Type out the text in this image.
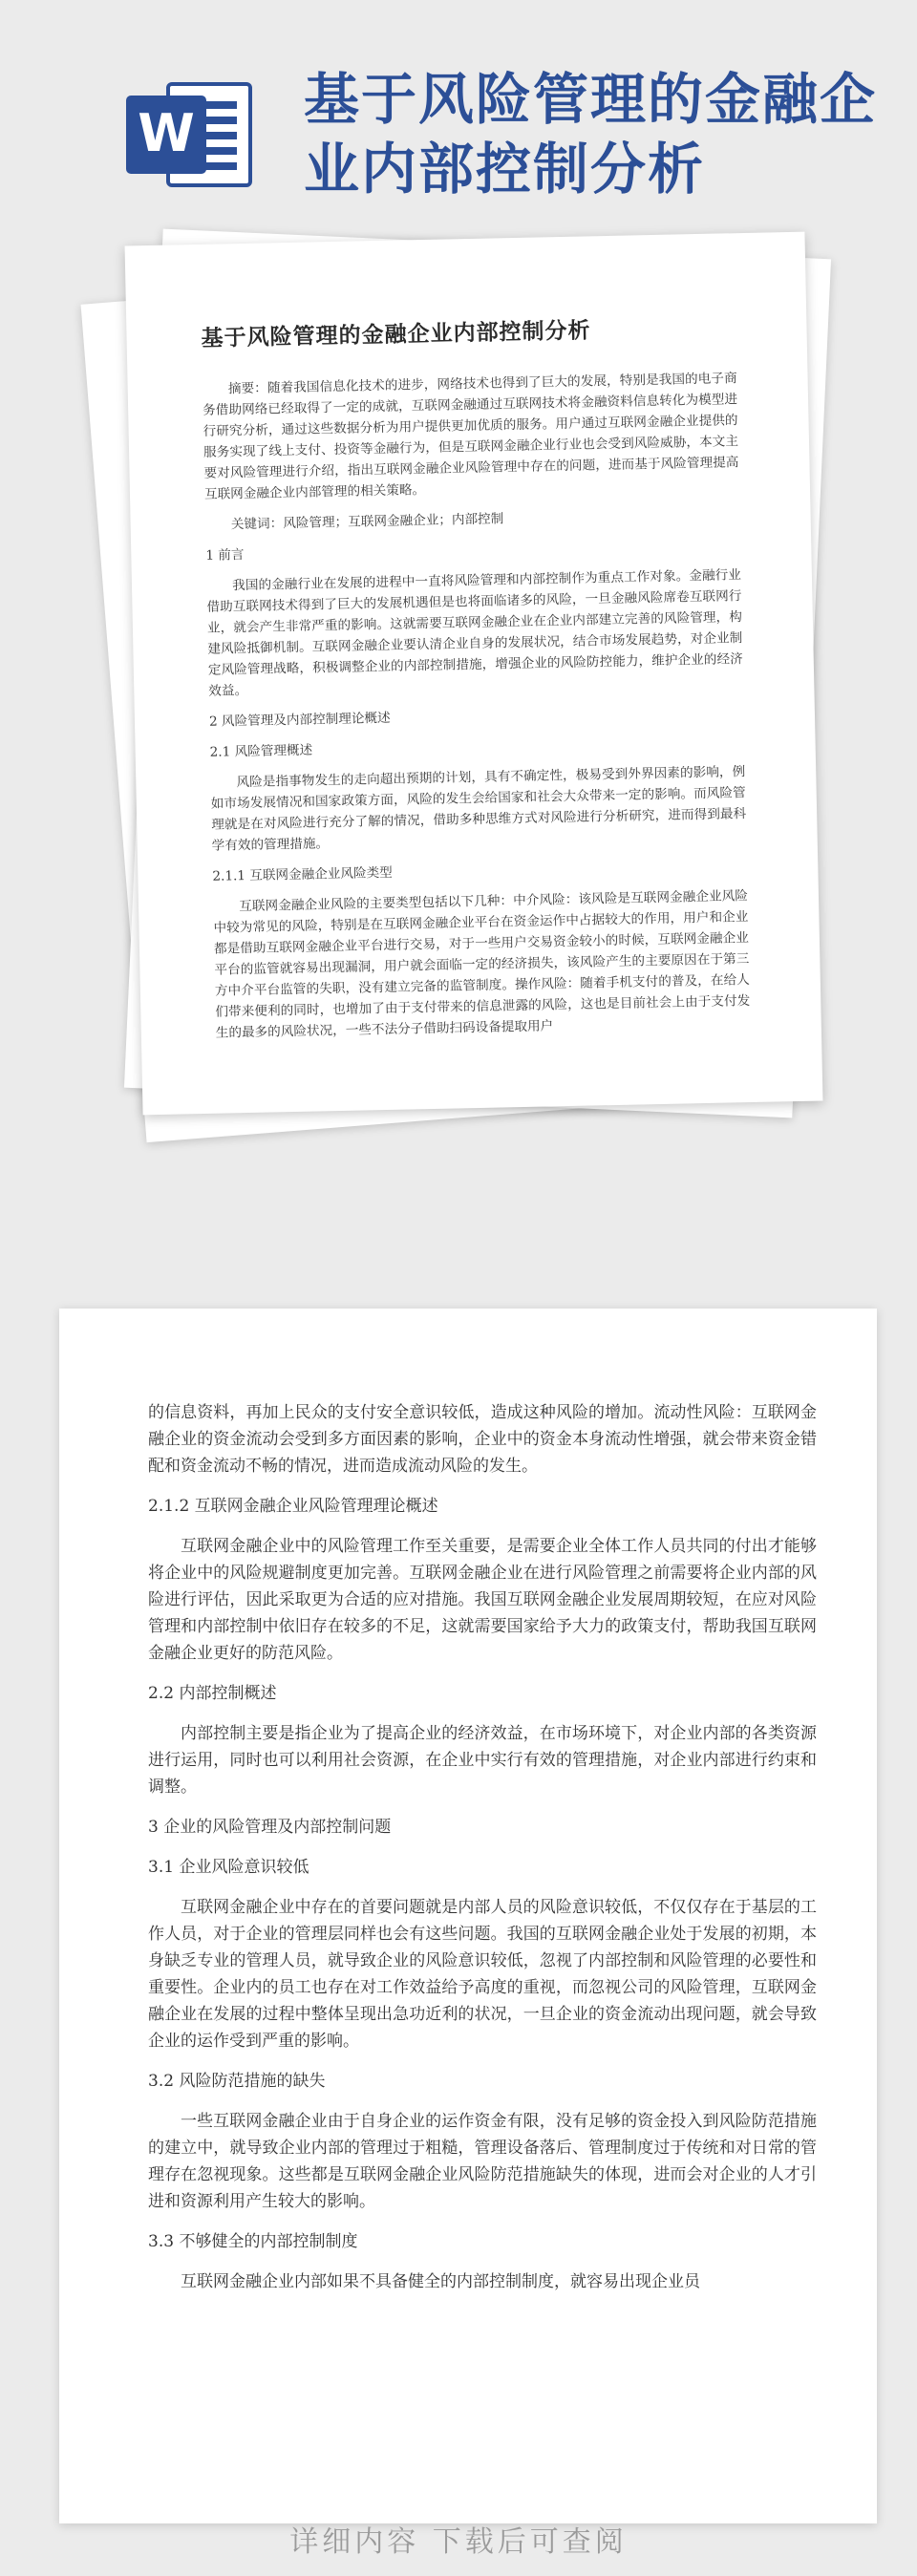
W
基于风险管理的金融企
业内部控制分析
基于风险管理的金融企业内部控制分析

摘要：随着我国信息化技术的进步，网络技术也得到了巨大的发展，特别是我国的电子商务借助网络已经取得了一定的成就，互联网金融通过互联网技术将金融资料信息转化为模型进行研究分析，通过这些数据分析为用户提供更加优质的服务。用户通过互联网金融企业提供的服务实现了线上支付、投资等金融行为，但是互联网金融企业行业也会受到风险威胁，本文主要对风险管理进行介绍，指出互联网金融企业风险管理中存在的问题，进而基于风险管理提高互联网金融企业内部管理的相关策略。

关键词：风险管理；互联网金融企业；内部控制

1 前言

我国的金融行业在发展的进程中一直将风险管理和内部控制作为重点工作对象。金融行业借助互联网技术得到了巨大的发展机遇但是也将面临诸多的风险，一旦金融风险席卷互联网行业，就会产生非常严重的影响。这就需要互联网金融企业在企业内部建立完善的风险管理，构建风险抵御机制。互联网金融企业要认清企业自身的发展状况，结合市场发展趋势，对企业制定风险管理战略，积极调整企业的内部控制措施，增强企业的风险防控能力，维护企业的经济效益。

2 风险管理及内部控制理论概述
2.1 风险管理概述

风险是指事物发生的走向超出预期的计划，具有不确定性，极易受到外界因素的影响，例如市场发展情况和国家政策方面，风险的发生会给国家和社会大众带来一定的影响。而风险管理就是在对风险进行充分了解的情况，借助多种思维方式对风险进行分析研究，进而得到最科学有效的管理措施。

2.1.1 互联网金融企业风险类型

互联网金融企业风险的主要类型包括以下几种：中介风险：该风险是互联网金融企业风险中较为常见的风险，特别是在互联网金融企业平台在资金运作中占据较大的作用，用户和企业都是借助互联网金融企业平台进行交易，对于一些用户交易资金较小的时候，互联网金融企业平台的监管就容易出现漏洞，用户就会面临一定的经济损失，该风险产生的主要原因在于第三方中介平台监管的失职，没有建立完备的监管制度。操作风险：随着手机支付的普及，在给人们带来便利的同时，也增加了由于支付带来的信息泄露的风险，这也是目前社会上由于支付发生的最多的风险状况，一些不法分子借助扫码设备提取用户

的信息资料，再加上民众的支付安全意识较低，造成这种风险的增加。流动性风险：互联网金融企业的资金流动会受到多方面因素的影响，企业中的资金本身流动性增强，就会带来资金错配和资金流动不畅的情况，进而造成流动风险的发生。

2.1.2 互联网金融企业风险管理理论概述

互联网金融企业中的风险管理工作至关重要，是需要企业全体工作人员共同的付出才能够将企业中的风险规避制度更加完善。互联网金融企业在进行风险管理之前需要将企业内部的风险进行评估，因此采取更为合适的应对措施。我国互联网金融企业发展周期较短，在应对风险管理和内部控制中依旧存在较多的不足，这就需要国家给予大力的政策支付，帮助我国互联网金融企业更好的防范风险。

2.2 内部控制概述

内部控制主要是指企业为了提高企业的经济效益，在市场环境下，对企业内部的各类资源进行运用，同时也可以利用社会资源，在企业中实行有效的管理措施，对企业内部进行约束和调整。

3 企业的风险管理及内部控制问题
3.1 企业风险意识较低

互联网金融企业中存在的首要问题就是内部人员的风险意识较低，不仅仅存在于基层的工作人员，对于企业的管理层同样也会有这些问题。我国的互联网金融企业处于发展的初期，本身缺乏专业的管理人员，就导致企业的风险意识较低，忽视了内部控制和风险管理的必要性和重要性。企业内的员工也存在对工作效益给予高度的重视，而忽视公司的风险管理，互联网金融企业在发展的过程中整体呈现出急功近利的状况，一旦企业的资金流动出现问题，就会导致企业的运作受到严重的影响。

3.2 风险防范措施的缺失

一些互联网金融企业由于自身企业的运作资金有限，没有足够的资金投入到风险防范措施的建立中，就导致企业内部的管理过于粗糙，管理设备落后、管理制度过于传统和对日常的管理存在忽视现象。这些都是互联网金融企业风险防范措施缺失的体现，进而会对企业的人才引进和资源利用产生较大的影响。

3.3 不够健全的内部控制制度

互联网金融企业内部如果不具备健全的内部控制制度，就容易出现企业员

详细内容 下载后可查阅
